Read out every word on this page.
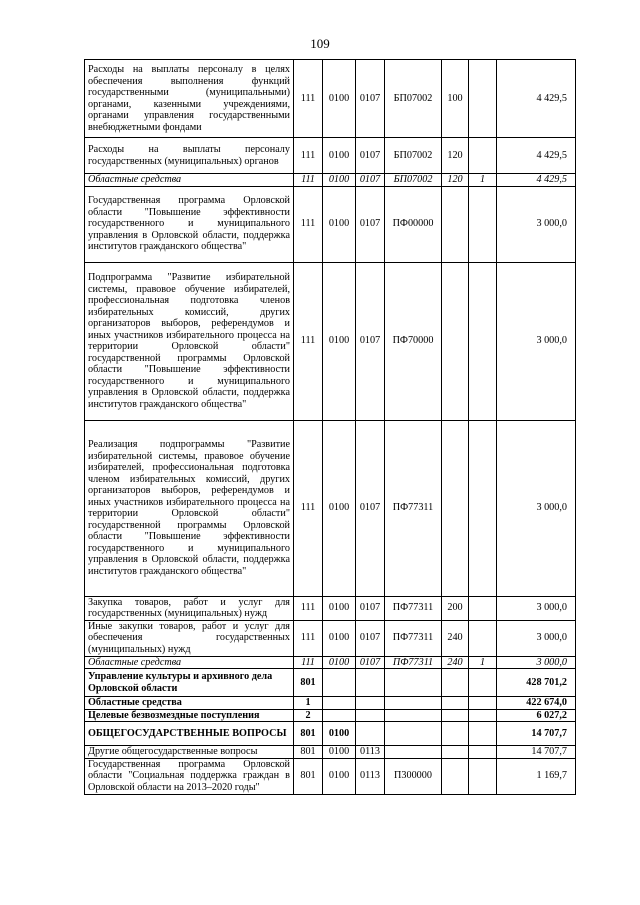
109
Расходы на выплаты персоналу в целях обеспечения выполнения функций государственными (муниципальными) органами, казенными учреждениями, органами управления государственными внебюджетными фондами	111	0100	0107	БП07002	100		4 429,5
Расходы на выплаты персоналу государственных (муниципальных) органов	111	0100	0107	БП07002	120		4 429,5
Областные средства	111	0100	0107	БП07002	120	1	4 429,5
Государственная программа Орловской области "Повышение эффективности государственного и муниципального управления в Орловской области, поддержка институтов гражданского общества"	111	0100	0107	ПФ00000			3 000,0
Подпрограмма "Развитие избирательной системы, правовое обучение избирателей, профессиональная подготовка членов избирательных комиссий, других организаторов выборов, референдумов и иных участников избирательного процесса на территории Орловской области" государственной программы Орловской области "Повышение эффективности государственного и муниципального управления в Орловской области, поддержка институтов гражданского общества"	111	0100	0107	ПФ70000			3 000,0
Реализация подпрограммы "Развитие избирательной системы, правовое обучение избирателей, профессиональная подготовка членом избирательных комиссий, других организаторов выборов, референдумов и иных участников избирательного процесса на территории Орловской области" государственной программы Орловской области "Повышение эффективности государственного и муниципального управления в Орловской области, поддержка институтов гражданского общества"	111	0100	0107	ПФ77311			3 000,0
Закупка товаров, работ и услуг для государственных (муниципальных) нужд	111	0100	0107	ПФ77311	200		3 000,0
Иные закупки товаров, работ и услуг для обеспечения государственных (муниципальных) нужд	111	0100	0107	ПФ77311	240		3 000,0
Областные средства	111	0100	0107	ПФ77311	240	1	3 000,0
Управление культуры и архивного дела Орловской области	801						428 701,2
Областные средства	1						422 674,0
Целевые безвозмездные поступления	2						6 027,2
ОБЩЕГОСУДАРСТВЕННЫЕ ВОПРОСЫ	801	0100					14 707,7
Другие общегосударственные вопросы	801	0100	0113				14 707,7
Государственная программа Орловской области "Социальная поддержка граждан в Орловской области на 2013–2020 годы"	801	0100	0113	П300000			1 169,7
